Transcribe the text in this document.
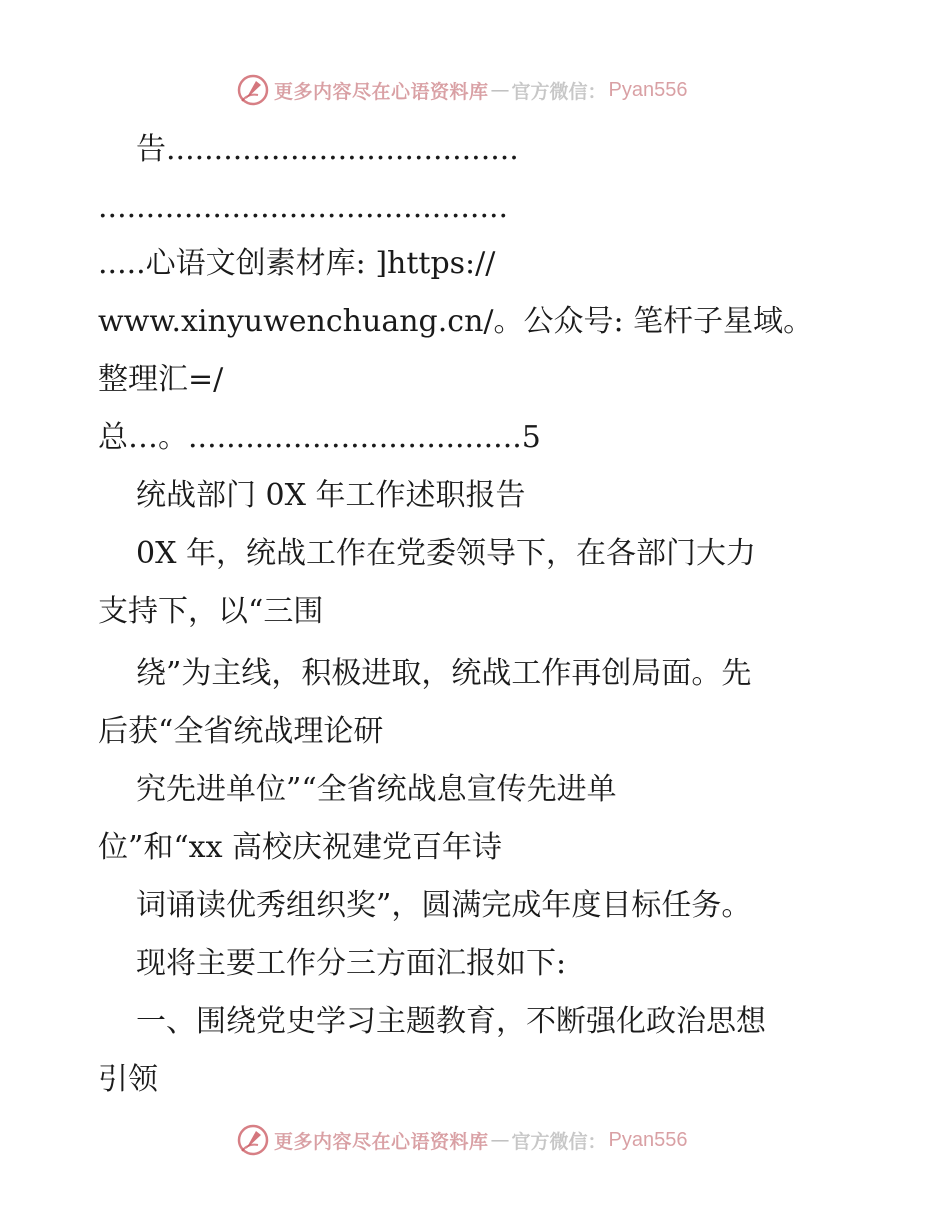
更多内容尽在心语资料库 — 官方微信： Pyan556
告.....................................
...........................................
.....心语文创素材库: ]https://
www.xinyuwenchuang.cn/。公众号: 笔杆子星域。
整理汇=/
总…。...................................5
统战部门 0X 年工作述职报告
0X 年，统战工作在党委领导下，在各部门大力
支持下，以“三围
绕”为主线，积极进取，统战工作再创局面。先
后获“全省统战理论研
究先进单位”“全省统战息宣传先进单
位”和“xx 高校庆祝建党百年诗
词诵读优秀组织奖”，圆满完成年度目标任务。
现将主要工作分三方面汇报如下:
一、围绕党史学习主题教育，不断强化政治思想
引领
更多内容尽在心语资料库 — 官方微信： Pyan556
